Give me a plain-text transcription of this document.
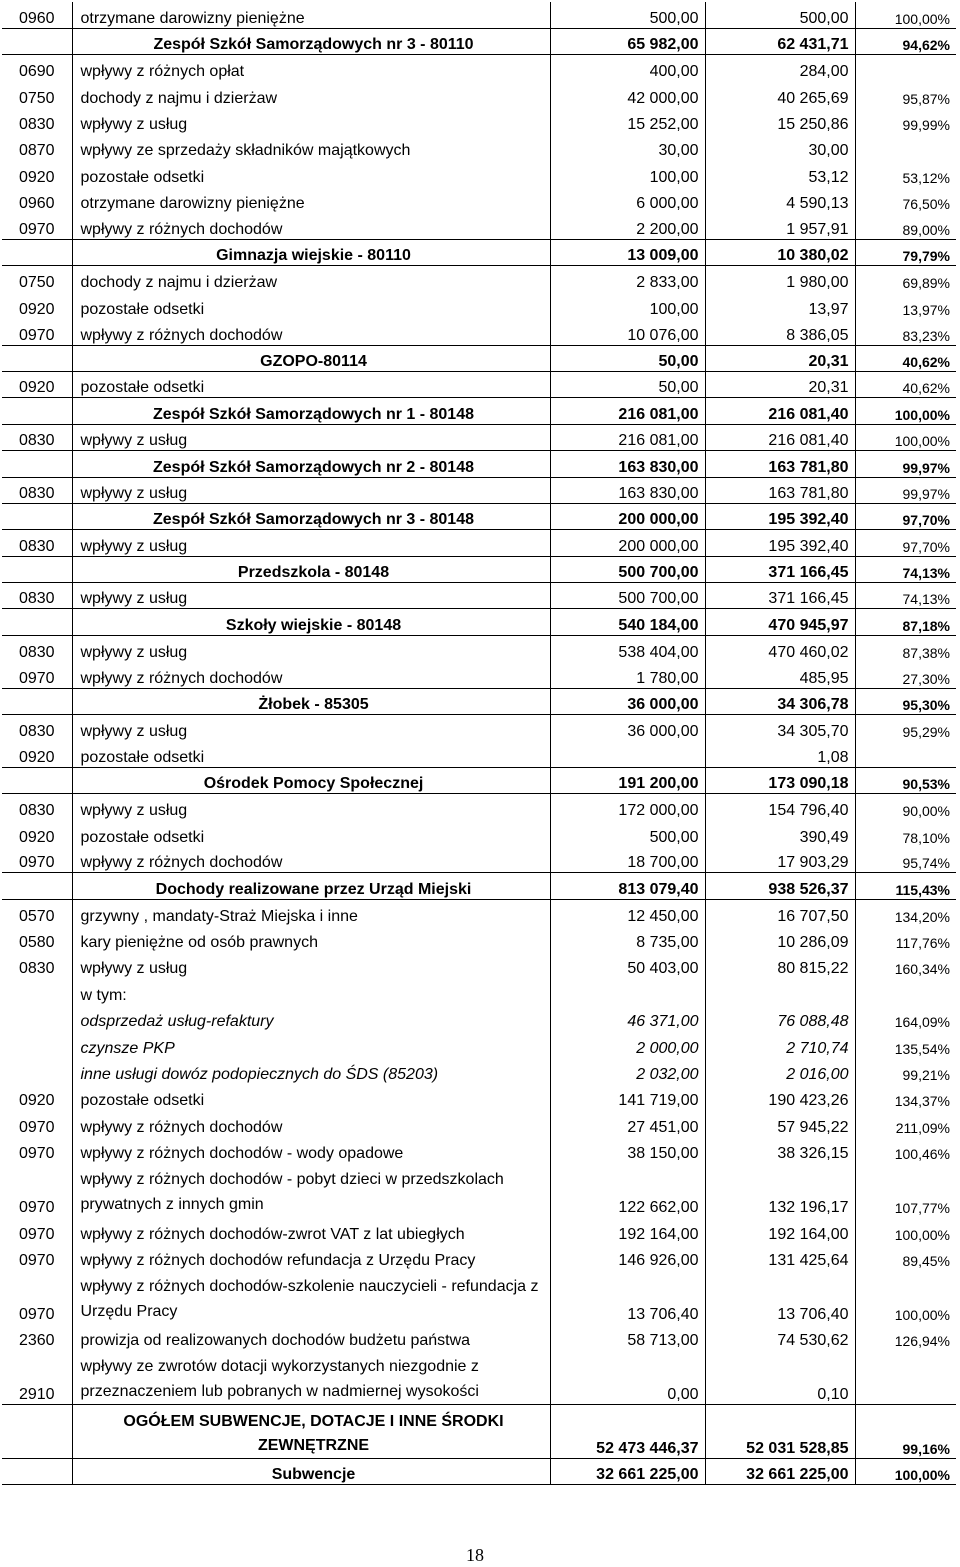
0960	otrzymane darowizny pieniężne	500,00	500,00	100,00%
	Zespół Szkół Samorządowych nr 3 - 80110	65 982,00	62 431,71	94,62%
0690	wpływy z różnych opłat	400,00	284,00	
0750	dochody z najmu i dzierżaw	42 000,00	40 265,69	95,87%
0830	wpływy z usług	15 252,00	15 250,86	99,99%
0870	wpływy ze sprzedaży składników majątkowych	30,00	30,00	
0920	pozostałe odsetki	100,00	53,12	53,12%
0960	otrzymane darowizny pieniężne	6 000,00	4 590,13	76,50%
0970	wpływy z różnych dochodów	2 200,00	1 957,91	89,00%
	Gimnazja wiejskie - 80110	13 009,00	10 380,02	79,79%
0750	dochody z najmu i dzierżaw	2 833,00	1 980,00	69,89%
0920	pozostałe odsetki	100,00	13,97	13,97%
0970	wpływy z różnych dochodów	10 076,00	8 386,05	83,23%
	GZOPO-80114	50,00	20,31	40,62%
0920	pozostałe odsetki	50,00	20,31	40,62%
	Zespół Szkół Samorządowych nr 1 - 80148	216 081,00	216 081,40	100,00%
0830	wpływy z usług	216 081,00	216 081,40	100,00%
	Zespół Szkół Samorządowych nr 2 - 80148	163 830,00	163 781,80	99,97%
0830	wpływy z usług	163 830,00	163 781,80	99,97%
	Zespół Szkół Samorządowych nr 3 - 80148	200 000,00	195 392,40	97,70%
0830	wpływy z usług	200 000,00	195 392,40	97,70%
	Przedszkola - 80148	500 700,00	371 166,45	74,13%
0830	wpływy z usług	500 700,00	371 166,45	74,13%
	Szkoły wiejskie - 80148	540 184,00	470 945,97	87,18%
0830	wpływy z usług	538 404,00	470 460,02	87,38%
0970	wpływy z różnych dochodów	1 780,00	485,95	27,30%
	Żłobek - 85305	36 000,00	34 306,78	95,30%
0830	wpływy z usług	36 000,00	34 305,70	95,29%
0920	pozostałe odsetki		1,08	
	Ośrodek Pomocy Społecznej	191 200,00	173 090,18	90,53%
0830	wpływy z usług	172 000,00	154 796,40	90,00%
0920	pozostałe odsetki	500,00	390,49	78,10%
0970	wpływy z różnych dochodów	18 700,00	17 903,29	95,74%
	Dochody realizowane przez Urząd Miejski	813 079,40	938 526,37	115,43%
0570	grzywny , mandaty-Straż Miejska i inne	12 450,00	16 707,50	134,20%
0580	kary pieniężne od osób prawnych	8 735,00	10 286,09	117,76%
0830	wpływy z usług	50 403,00	80 815,22	160,34%
	w tym:			
	odsprzedaż usług-refaktury	46 371,00	76 088,48	164,09%
	czynsze PKP	2 000,00	2 710,74	135,54%
	inne usługi dowóz podopiecznych do ŚDS (85203)	2 032,00	2 016,00	99,21%
0920	pozostałe odsetki	141 719,00	190 423,26	134,37%
0970	wpływy z różnych dochodów	27 451,00	57 945,22	211,09%
0970	wpływy z różnych dochodów - wody opadowe	38 150,00	38 326,15	100,46%
0970	wpływy z różnych dochodów - pobyt dzieci w przedszkolach prywatnych z innych gmin	122 662,00	132 196,17	107,77%
0970	wpływy z różnych dochodów-zwrot VAT z lat ubiegłych	192 164,00	192 164,00	100,00%
0970	wpływy z różnych dochodów refundacja z Urzędu Pracy	146 926,00	131 425,64	89,45%
0970	wpływy z różnych dochodów-szkolenie nauczycieli - refundacja z Urzędu Pracy	13 706,40	13 706,40	100,00%
2360	prowizja od realizowanych dochodów budżetu państwa	58 713,00	74 530,62	126,94%
2910	wpływy ze zwrotów dotacji wykorzystanych niezgodnie z przeznaczeniem lub pobranych w nadmiernej wysokości	0,00	0,10	
	OGÓŁEM SUBWENCJE, DOTACJE I INNE ŚRODKI ZEWNĘTRZNE	52 473 446,37	52 031 528,85	99,16%
	Subwencje	32 661 225,00	32 661 225,00	100,00%
18
